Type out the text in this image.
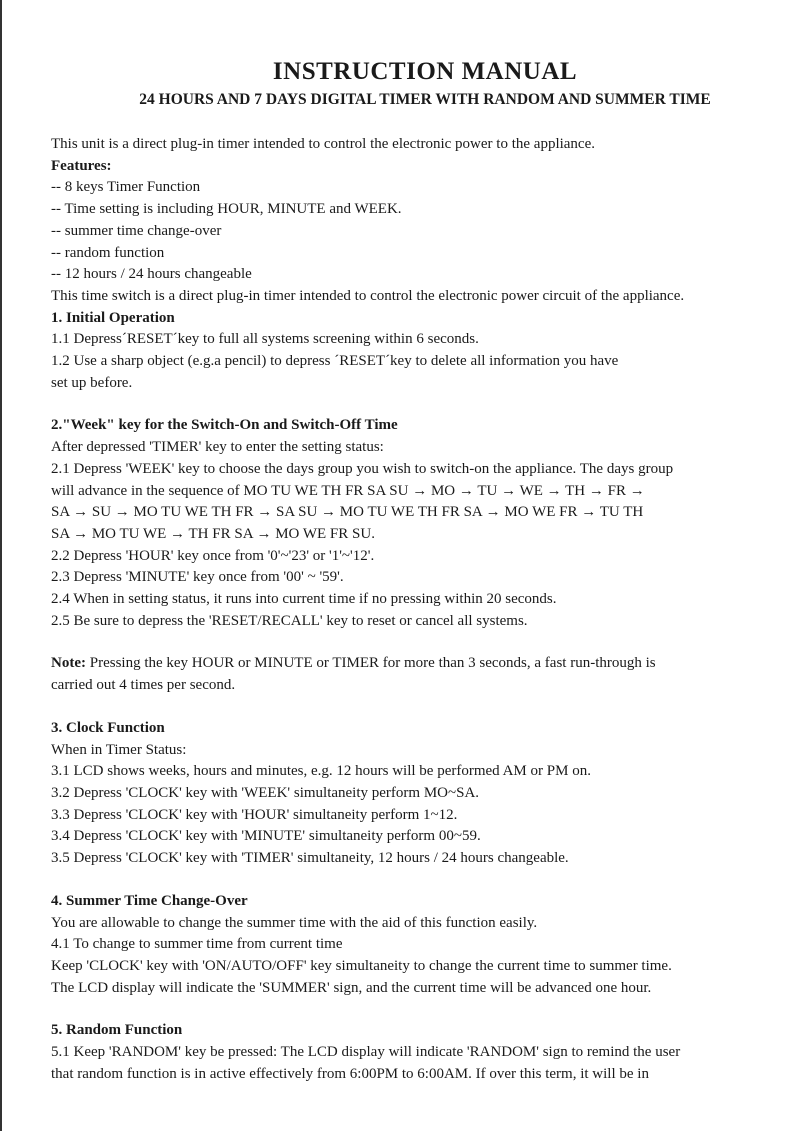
INSTRUCTION MANUAL
24 HOURS AND 7 DAYS DIGITAL TIMER WITH RANDOM AND SUMMER TIME

This unit is a direct plug-in timer intended to control the electronic power to the appliance.

Features:

-- 8 keys Timer Function

-- Time setting is including HOUR, MINUTE and WEEK.

-- summer time change-over

-- random function

-- 12 hours / 24 hours changeable

This time switch is a direct plug-in timer intended to control the electronic power circuit of the appliance.

1. Initial Operation

1.1 Depress´RESET´key to full all systems screening within 6 seconds.

1.2 Use a sharp object (e.g.a pencil) to depress ´RESET´key to delete all information you have

set up before.

2."Week" key for the Switch-On and Switch-Off Time

After depressed 'TIMER' key to enter the setting status:

2.1 Depress 'WEEK' key to choose the days group you wish to switch-on the appliance. The days group

will advance in the sequence of MO TU WE TH FR SA SU → MO → TU → WE → TH → FR →

SA → SU → MO TU WE TH FR → SA SU → MO TU WE TH FR SA → MO WE FR → TU TH

SA → MO TU WE → TH FR SA → MO WE FR SU.

2.2 Depress 'HOUR' key once from '0'~'23' or '1'~'12'.

2.3 Depress 'MINUTE' key once from '00' ~ '59'.

2.4 When in setting status, it runs into current time if no pressing within 20 seconds.

2.5 Be sure to depress the 'RESET/RECALL' key to reset or cancel all systems.

Note: Pressing the key HOUR or MINUTE or TIMER for more than 3 seconds, a fast run-through is

carried out 4 times per second.

3. Clock Function

When in Timer Status:

3.1 LCD shows weeks, hours and minutes, e.g. 12 hours will be performed AM or PM on.

3.2 Depress 'CLOCK' key with 'WEEK' simultaneity perform MO~SA.

3.3 Depress 'CLOCK' key with 'HOUR' simultaneity perform 1~12.

3.4 Depress 'CLOCK' key with 'MINUTE' simultaneity perform 00~59.

3.5 Depress 'CLOCK' key with 'TIMER' simultaneity, 12 hours / 24 hours changeable.

4. Summer Time Change-Over

You are allowable to change the summer time with the aid of this function easily.

4.1 To change to summer time from current time

Keep 'CLOCK' key with 'ON/AUTO/OFF' key simultaneity to change the current time to summer time.

The LCD display will indicate the 'SUMMER' sign, and the current time will be advanced one hour.

5. Random Function

5.1 Keep 'RANDOM' key be pressed: The LCD display will indicate 'RANDOM' sign to remind the user

that random function is in active effectively from 6:00PM to 6:00AM. If over this term, it will be in
